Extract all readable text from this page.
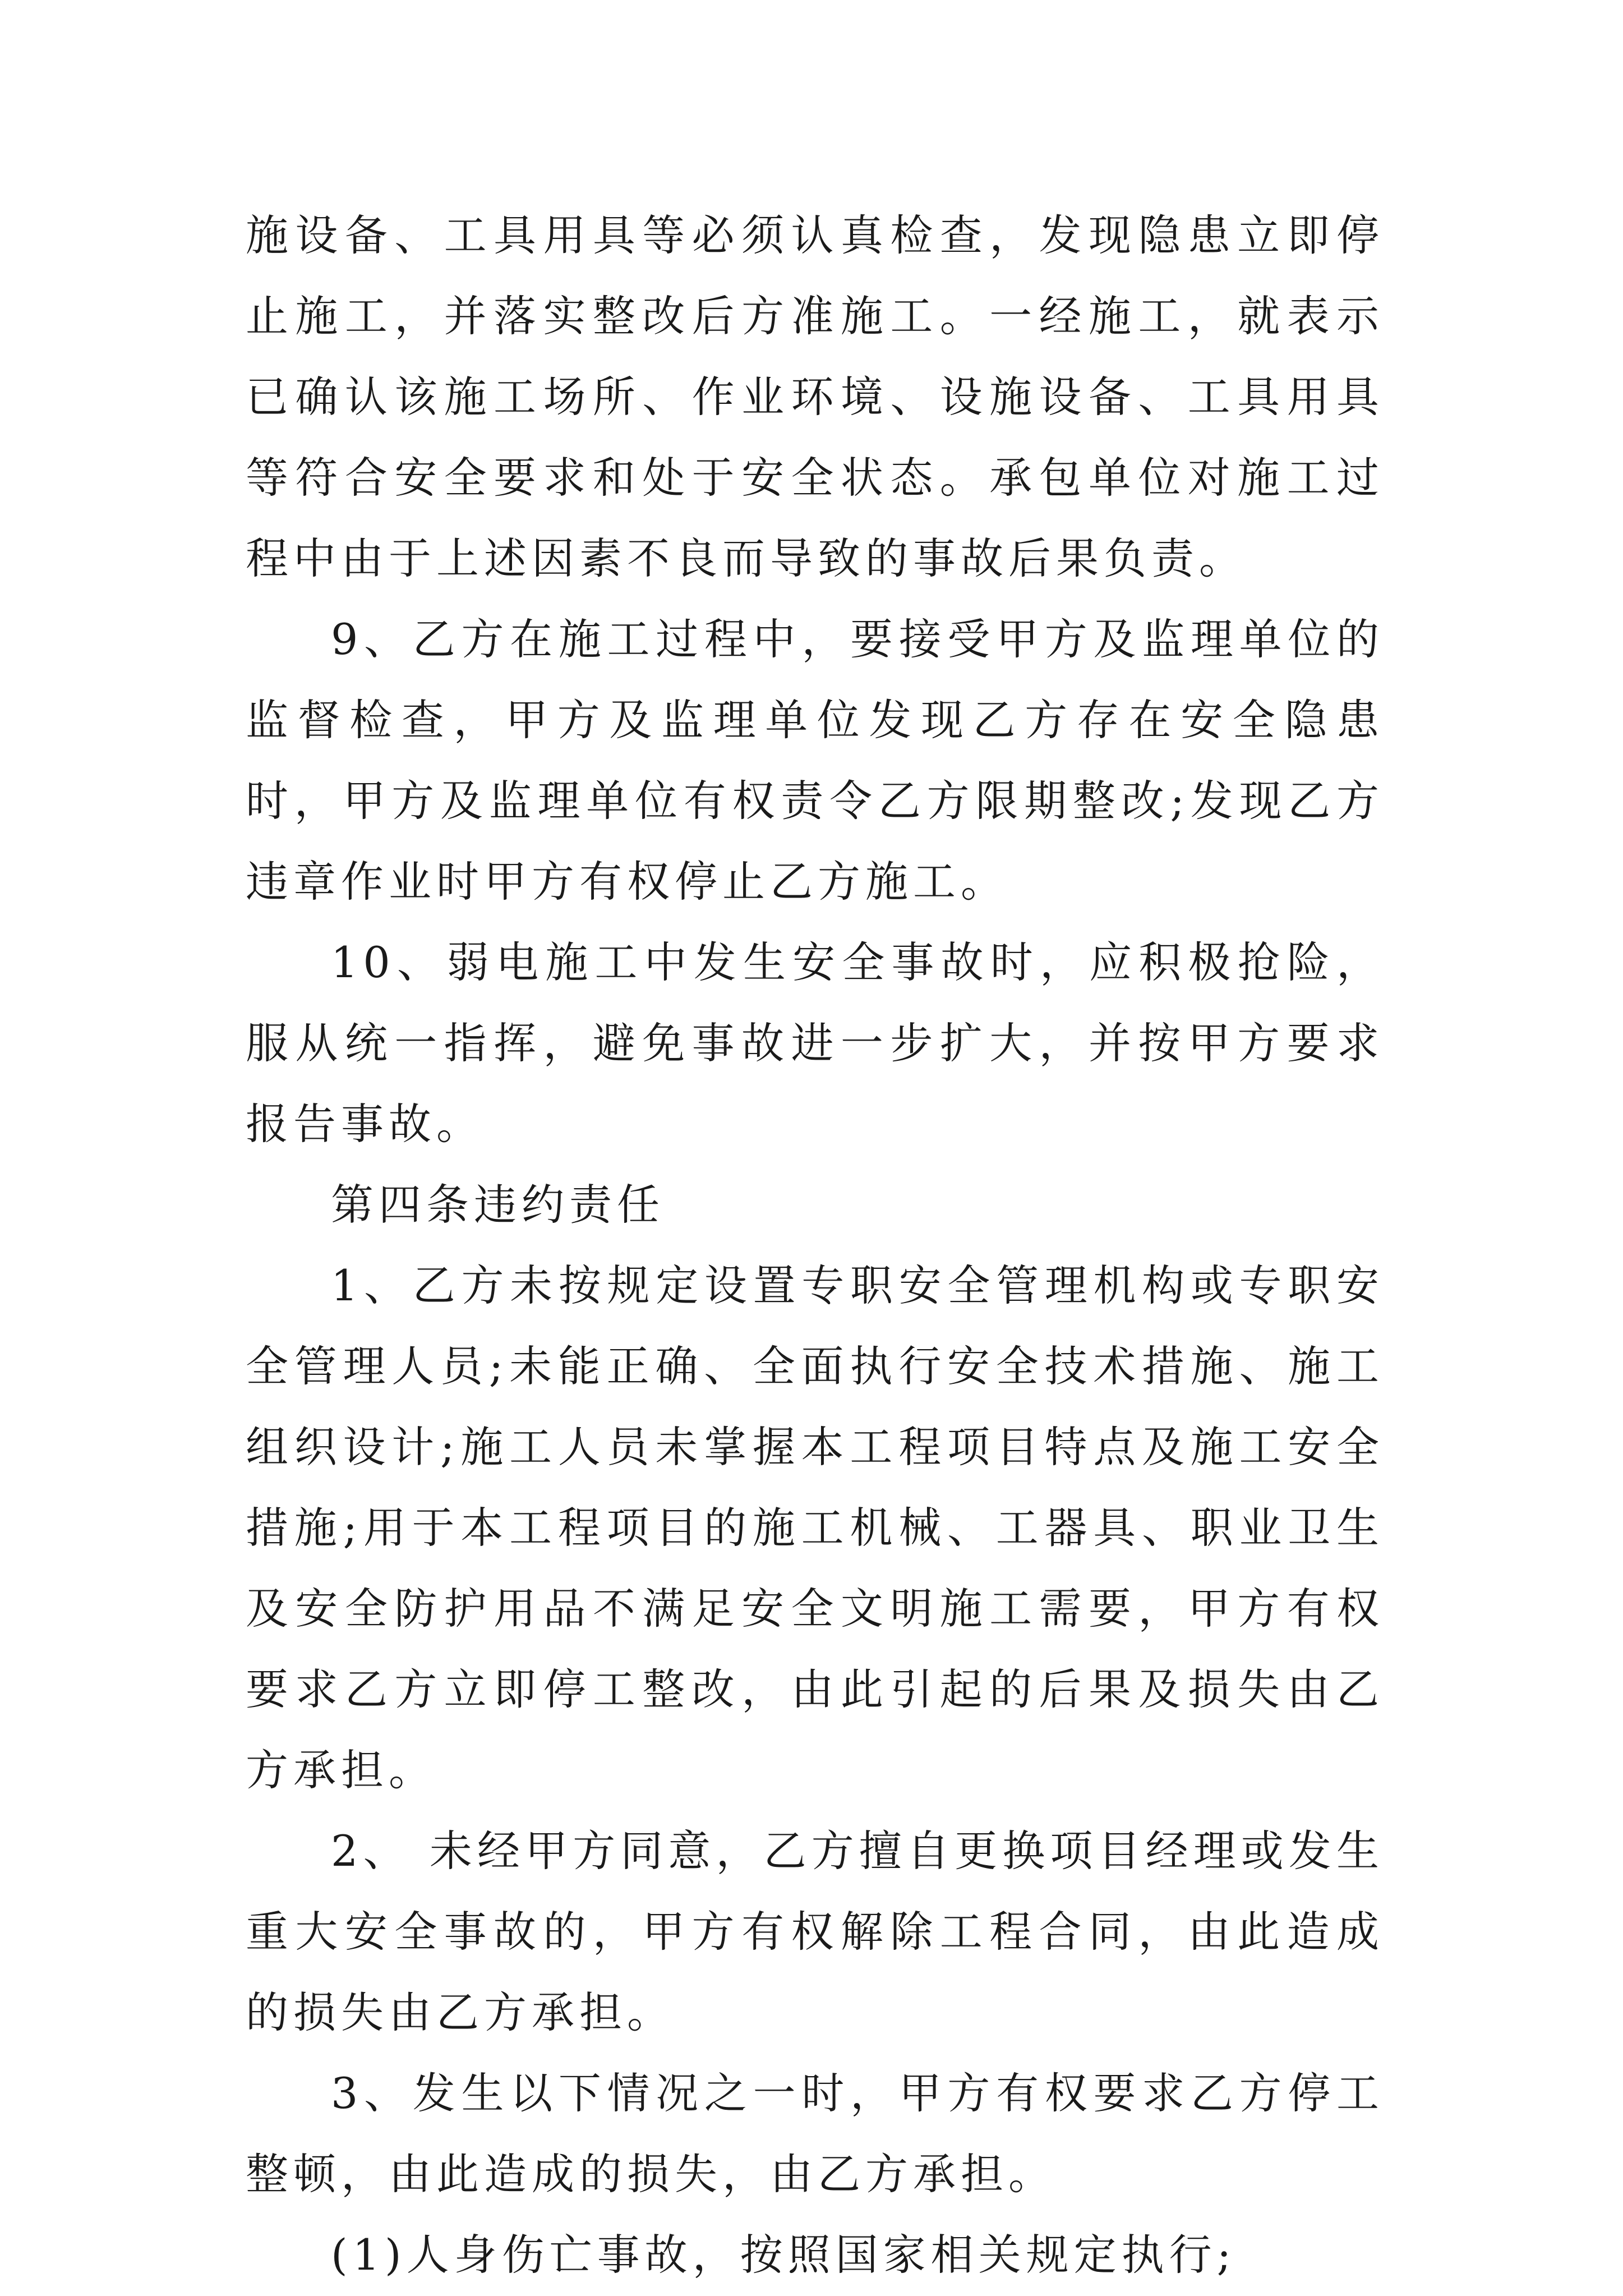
施设备、工具用具等必须认真检查，发现隐患立即停止施工，并落实整改后方准施工。一经施工，就表示已确认该施工场所、作业环境、设施设备、工具用具等符合安全要求和处于安全状态。承包单位对施工过程中由于上述因素不良而导致的事故后果负责。

9、乙方在施工过程中，要接受甲方及监理单位的监督检查，甲方及监理单位发现乙方存在安全隐患时，甲方及监理单位有权责令乙方限期整改;发现乙方违章作业时甲方有权停止乙方施工。

10、弱电施工中发生安全事故时，应积极抢险，服从统一指挥，避免事故进一步扩大，并按甲方要求报告事故。

第四条违约责任

1、乙方未按规定设置专职安全管理机构或专职安全管理人员;未能正确、全面执行安全技术措施、施工组织设计;施工人员未掌握本工程项目特点及施工安全措施;用于本工程项目的施工机械、工器具、职业卫生及安全防护用品不满足安全文明施工需要，甲方有权要求乙方立即停工整改，由此引起的后果及损失由乙方承担。

2、 未经甲方同意，乙方擅自更换项目经理或发生重大安全事故的，甲方有权解除工程合同，由此造成的损失由乙方承担。

3、发生以下情况之一时，甲方有权要求乙方停工整顿，由此造成的损失，由乙方承担。

(1)人身伤亡事故，按照国家相关规定执行;
